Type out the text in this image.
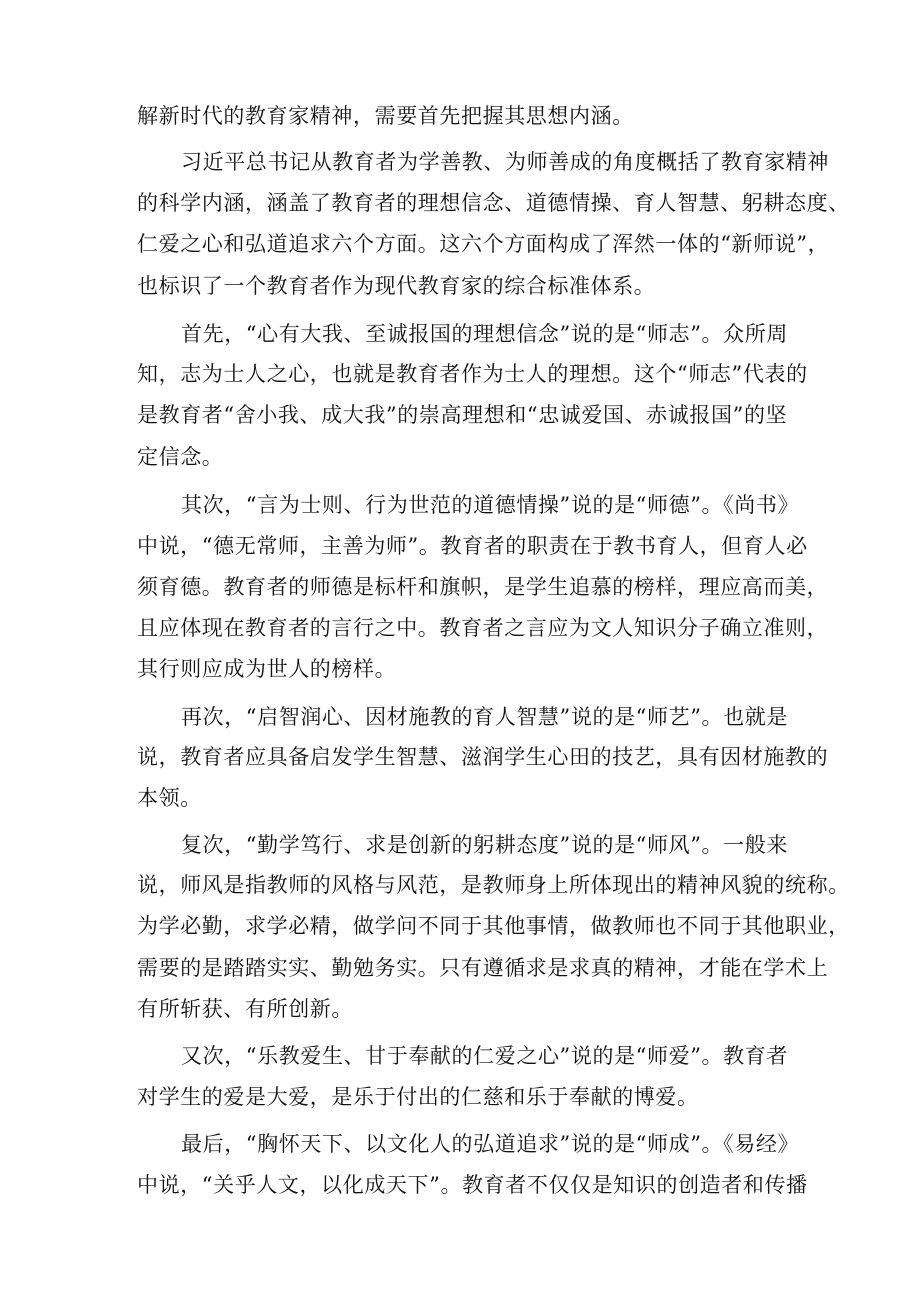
解新时代的教育家精神，需要首先把握其思想内涵。
习近平总书记从教育者为学善教、为师善成的角度概括了教育家精神
的科学内涵，涵盖了教育者的理想信念、道德情操、育人智慧、躬耕态度、
仁爱之心和弘道追求六个方面。这六个方面构成了浑然一体的“新师说”，
也标识了一个教育者作为现代教育家的综合标准体系。
首先，“心有大我、至诚报国的理想信念”说的是“师志”。众所周
知，志为士人之心，也就是教育者作为士人的理想。这个“师志”代表的
是教育者“舍小我、成大我”的崇高理想和“忠诚爱国、赤诚报国”的坚
定信念。
其次，“言为士则、行为世范的道德情操”说的是“师德”。《尚书》
中说，“德无常师，主善为师”。教育者的职责在于教书育人，但育人必
须育德。教育者的师德是标杆和旗帜，是学生追慕的榜样，理应高而美，
且应体现在教育者的言行之中。教育者之言应为文人知识分子确立准则，
其行则应成为世人的榜样。
再次，“启智润心、因材施教的育人智慧”说的是“师艺”。也就是
说，教育者应具备启发学生智慧、滋润学生心田的技艺，具有因材施教的
本领。
复次，“勤学笃行、求是创新的躬耕态度”说的是“师风”。一般来
说，师风是指教师的风格与风范，是教师身上所体现出的精神风貌的统称。
为学必勤，求学必精，做学问不同于其他事情，做教师也不同于其他职业，
需要的是踏踏实实、勤勉务实。只有遵循求是求真的精神，才能在学术上
有所斩获、有所创新。
又次，“乐教爱生、甘于奉献的仁爱之心”说的是“师爱”。教育者
对学生的爱是大爱，是乐于付出的仁慈和乐于奉献的博爱。
最后，“胸怀天下、以文化人的弘道追求”说的是“师成”。《易经》
中说，“关乎人文，以化成天下”。教育者不仅仅是知识的创造者和传播
